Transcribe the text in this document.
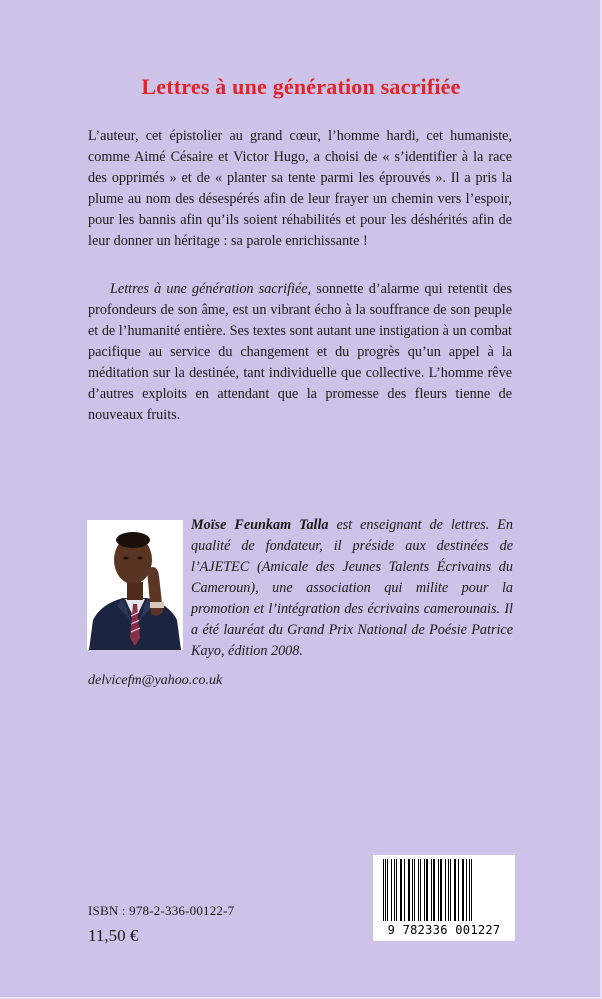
Lettres à une génération sacrifiée

L’auteur, cet épistolier au grand cœur, l’homme hardi, cet humaniste, comme Aimé Césaire et Victor Hugo, a choisi de « s’identifier à la race des opprimés » et de « planter sa tente parmi les éprouvés ». Il a pris la plume au nom des désespérés afin de leur frayer un chemin vers l’espoir, pour les bannis afin qu’ils soient réhabilités et pour les déshérités afin de leur donner un héritage : sa parole enrichissante !

Lettres à une génération sacrifiée, sonnette d’alarme qui retentit des profondeurs de son âme, est un vibrant écho à la souffrance de son peuple et de l’humanité entière. Ses textes sont autant une instigation à un combat pacifique au service du changement et du progrès qu’un appel à la méditation sur la destinée, tant individuelle que collective. L’homme rêve d’autres exploits en attendant que la promesse des fleurs tienne de nouveaux fruits.

Moïse Feunkam Talla est enseignant de lettres. En qualité de fondateur, il préside aux destinées de l’AJETEC (Amicale des Jeunes Talents Écrivains du Cameroun), une association qui milite pour la promotion et l’intégration des écrivains camerounais. Il a été lauréat du Grand Prix National de Poésie Patrice Kayo, édition 2008.

delvicefm@yahoo.co.uk
ISBN : 978-2-336-00122-7
11,50 €	9 782336 001227
